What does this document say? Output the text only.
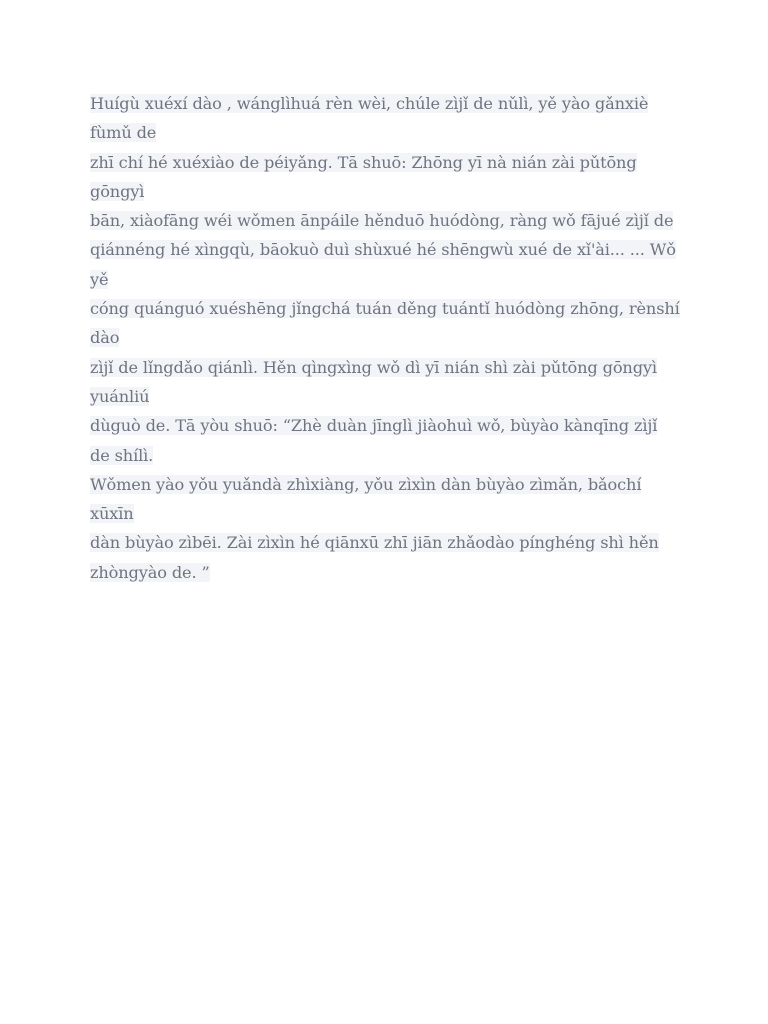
Huígù xuéxí dào , wánglìhuá rèn wèi, chúle zìjǐ de nǔlì, yě yào gǎnxiè fùmǔ de
zhī chí hé xuéxiào de péiyǎng. Tā shuō: Zhōng yī nà nián zài pǔtōng gōngyì
bān, xiàofāng wéi wǒmen ānpáile hěnduō huódòng, ràng wǒ fājué zìjǐ de
qiánnéng hé xìngqù, bāokuò duì shùxué hé shēngwù xué de xǐ'ài... ... Wǒ yě
cóng quánguó xuéshēng jǐngchá tuán děng tuántǐ huódòng zhōng, rènshí dào
zìjǐ de lǐngdǎo qiánlì. Hěn qìngxìng wǒ dì yī nián shì zài pǔtōng gōngyì yuánliú
dùguò de. Tā yòu shuō: “Zhè duàn jīnglì jiàohuì wǒ, bùyào kànqīng zìjǐ de shílì.
Wǒmen yào yǒu yuǎndà zhìxiàng, yǒu zìxìn dàn bùyào zìmǎn, bǎochí xūxīn
dàn bùyào zìbēi. Zài zìxìn hé qiānxū zhī jiān zhǎodào pínghéng shì hěn
zhòngyào de. ”
